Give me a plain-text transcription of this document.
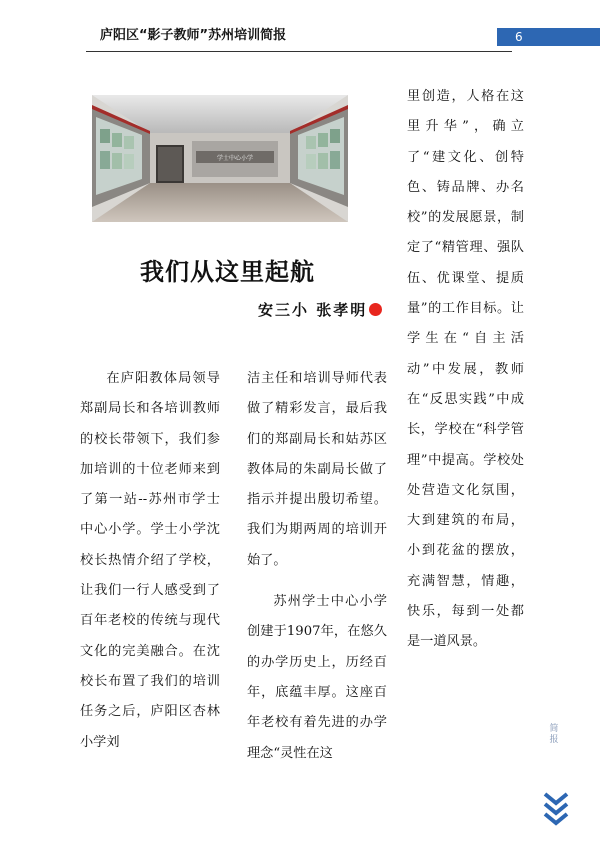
庐阳区“影子教师”苏州培训简报	6
学士中心小学
我们从这里起航
安三小 张孝明

在庐阳教体局领导郑副局长和各培训教师的校长带领下，我们参加培训的十位老师来到了第一站--苏州市学士中心小学。学士小学沈校长热情介绍了学校，让我们一行人感受到了百年老校的传统与现代文化的完美融合。在沈校长布置了我们的培训任务之后，庐阳区杏林小学刘

洁主任和培训导师代表做了精彩发言，最后我们的郑副局长和姑苏区教体局的朱副局长做了指示并提出殷切希望。我们为期两周的培训开始了。

苏州学士中心小学创建于1907年，在悠久的办学历史上，历经百年，底蕴丰厚。这座百年老校有着先进的办学理念“灵性在这

里创造，人格在这里升华”，确立了“建文化、创特色、铸品牌、办名校”的发展愿景，制定了“精管理、强队伍、优课堂、提质量”的工作目标。让学生在“自主活动”中发展，教师在“反思实践”中成长，学校在“科学管理”中提高。学校处处营造文化氛围，大到建筑的布局，小到花盆的摆放，充满智慧，情趣，快乐，每到一处都是一道风景。

简报
